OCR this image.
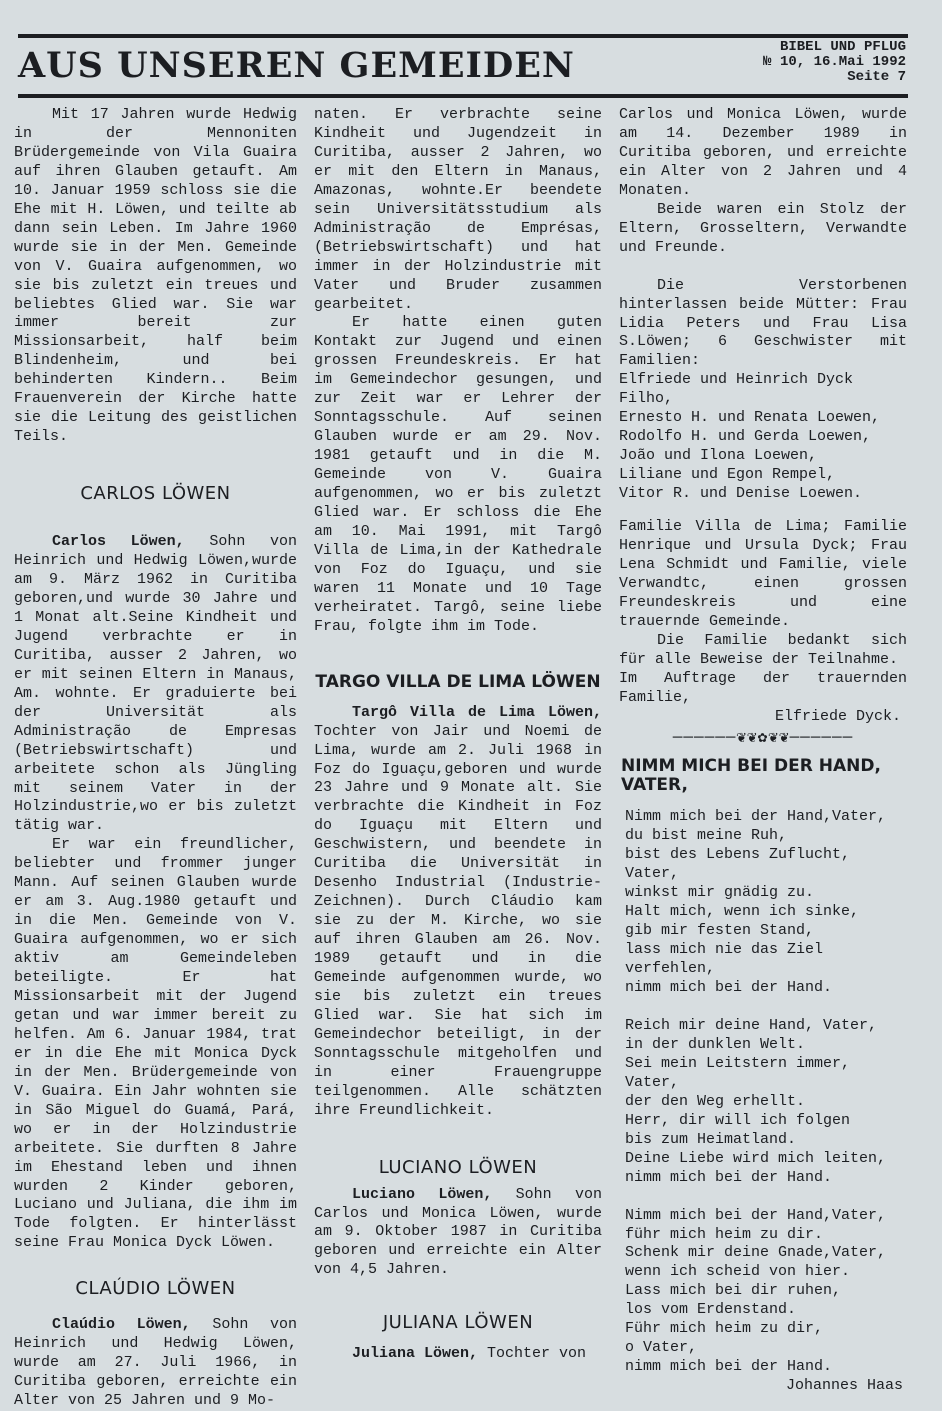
AUS UNSEREN GEMEIDEN	BIBEL UND PFLUG
№ 10, 16.Mai 1992
Seite 7

Mit 17 Jahren wurde Hedwig in der Mennoniten Brüdergemeinde von Vila Guaira auf ihren Glauben getauft. Am 10. Januar 1959 schloss sie die Ehe mit H. Löwen, und teilte ab dann sein Leben. Im Jahre 1960 wurde sie in der Men. Gemeinde von V. Guaira aufgenommen, wo sie bis zuletzt ein treues und beliebtes Glied war. Sie war immer bereit zur Missionsarbeit, half beim Blindenheim, und bei behinderten Kindern.. Beim Frauenverein der Kirche hatte sie die Leitung des geistlichen Teils.

CARLOS LÖWEN

Carlos Löwen, Sohn von Heinrich und Hedwig Löwen,wurde am 9. März 1962 in Curitiba geboren,und wurde 30 Jahre und 1 Monat alt.Seine Kindheit und Jugend verbrachte er in Curitiba, ausser 2 Jahren, wo er mit seinen Eltern in Manaus, Am. wohnte. Er graduierte bei der Universität als Administração de Empresas (Betriebswirtschaft) und arbeitete schon als Jüngling mit seinem Vater in der Holzindustrie,wo er bis zuletzt tätig war.

Er war ein freundlicher, beliebter und frommer junger Mann. Auf seinen Glauben wurde er am 3. Aug.1980 getauft und in die Men. Gemeinde von V. Guaira aufgenommen, wo er sich aktiv am Gemeindeleben beteiligte. Er hat Missionsarbeit mit der Jugend getan und war immer bereit zu helfen. Am 6. Januar 1984, trat er in die Ehe mit Monica Dyck in der Men. Brüdergemeinde von V. Guaira. Ein Jahr wohnten sie in São Miguel do Guamá, Pará, wo er in der Holzindustrie arbeitete. Sie durften 8 Jahre im Ehestand leben und ihnen wurden 2 Kinder geboren, Luciano und Juliana, die ihm im Tode folgten. Er hinterlässt seine Frau Monica Dyck Löwen.

CLAÚDIO LÖWEN

Claúdio Löwen, Sohn von Heinrich und Hedwig Löwen, wurde am 27. Juli 1966, in Curitiba geboren, erreichte ein Alter von 25 Jahren und 9 Mo-

naten. Er verbrachte seine Kindheit und Jugendzeit in Curitiba, ausser 2 Jahren, wo er mit den Eltern in Manaus, Amazonas, wohnte.Er beendete sein Universitätsstudium als Administração de Emprésas, (Betriebswirtschaft) und hat immer in der Holzindustrie mit Vater und Bruder zusammen gearbeitet.

Er hatte einen guten Kontakt zur Jugend und einen grossen Freundeskreis. Er hat im Gemeindechor gesungen, und zur Zeit war er Lehrer der Sonntagsschule. Auf seinen Glauben wurde er am 29. Nov. 1981 getauft und in die M. Gemeinde von V. Guaira aufgenommen, wo er bis zuletzt Glied war. Er schloss die Ehe am 10. Mai 1991, mit Targô Villa de Lima,in der Kathedrale von Foz do Iguaçu, und sie waren 11 Monate und 10 Tage verheiratet. Targô, seine liebe Frau, folgte ihm im Tode.

TARGO VILLA DE LIMA LÖWEN

Targô Villa de Lima Löwen, Tochter von Jair und Noemi de Lima, wurde am 2. Juli 1968 in Foz do Iguaçu,geboren und wurde 23 Jahre und 9 Monate alt. Sie verbrachte die Kindheit in Foz do Iguaçu mit Eltern und Geschwistern, und beendete in Curitiba die Universität in Desenho Industrial (Industrie-Zeichnen). Durch Cláudio kam sie zu der M. Kirche, wo sie auf ihren Glauben am 26. Nov. 1989 getauft und in die Gemeinde aufgenommen wurde, wo sie bis zuletzt ein treues Glied war. Sie hat sich im Gemeindechor beteiligt, in der Sonntagsschule mitgeholfen und in einer Frauengruppe teilgenommen. Alle schätzten ihre Freundlichkeit.

LUCIANO LÖWEN

Luciano Löwen, Sohn von Carlos und Monica Löwen, wurde am 9. Oktober 1987 in Curitiba geboren und erreichte ein Alter von 4,5 Jahren.

JULIANA LÖWEN

Juliana Löwen, Tochter von

Carlos und Monica Löwen, wurde am 14. Dezember 1989 in Curitiba geboren, und erreichte ein Alter von 2 Jahren und 4 Monaten.

Beide waren ein Stolz der Eltern, Grosseltern, Verwandte und Freunde.

Die Verstorbenen hinterlassen beide Mütter: Frau Lidia Peters und Frau Lisa S.Löwen; 6 Geschwister mit Familien:

Elfriede und Heinrich Dyck Filho,
Ernesto H. und Renata Loewen,
Rodolfo H. und Gerda Loewen,
João und Ilona Loewen,
Liliane und Egon Rempel,
Vitor R. und Denise Loewen.

Familie Villa de Lima; Familie Henrique und Ursula Dyck; Frau Lena Schmidt und Familie, viele Verwandtc, einen grossen Freundeskreis und eine trauernde Gemeinde.

Die Familie bedankt sich für alle Beweise der Teilnahme.

Im Auftrage der trauernden Familie,

Elfriede Dyck.

──────❦❦✿❦❦──────
NIMM MICH BEI DER HAND, VATER,
Nimm mich bei der Hand,Vater,
du bist meine Ruh,
bist des Lebens Zuflucht,
Vater,
winkst mir gnädig zu.
Halt mich, wenn ich sinke,
gib mir festen Stand,
lass mich nie das Ziel
verfehlen,
nimm mich bei der Hand.
Reich mir deine Hand, Vater,
in der dunklen Welt.
Sei mein Leitstern immer,
Vater,
der den Weg erhellt.
Herr, dir will ich folgen
bis zum Heimatland.
Deine Liebe wird mich leiten,
nimm mich bei der Hand.
Nimm mich bei der Hand,Vater,
führ mich heim zu dir.
Schenk mir deine Gnade,Vater,
wenn ich scheid von hier.
Lass mich bei dir ruhen,
los vom Erdenstand.
Führ mich heim zu dir,
o Vater,
nimm mich bei der Hand.
Johannes Haas
